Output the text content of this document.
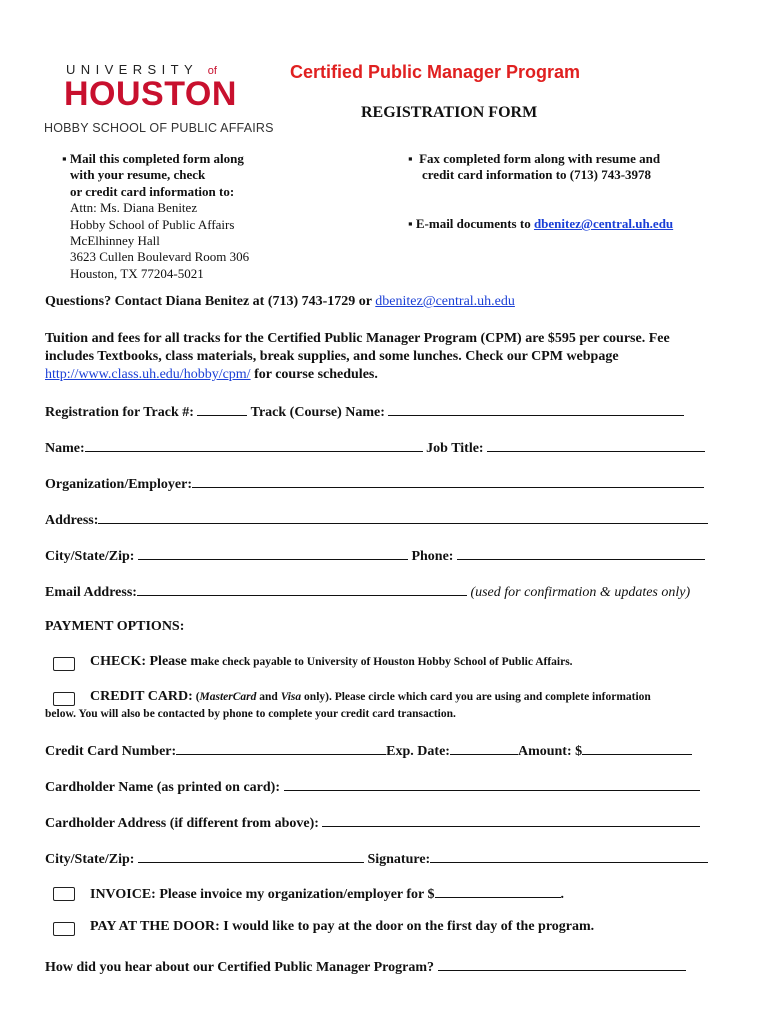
UNIVERSITY of
HOUSTON
HOBBY SCHOOL OF PUBLIC AFFAIRS
Certified Public Manager Program
REGISTRATION FORM
▪ Mail this completed form along
with your resume, check
or credit card information to:
Attn: Ms. Diana Benitez
Hobby School of Public Affairs
McElhinney Hall
3623 Cullen Boulevard Room 306
Houston, TX 77204-5021
▪ Fax completed form along with resume and
credit card information to (713) 743-3978
▪ E-mail documents to dbenitez@central.uh.edu
Questions? Contact Diana Benitez at (713) 743-1729 or dbenitez@central.uh.edu
Tuition and fees for all tracks for the Certified Public Manager Program (CPM) are $595 per course. Fee
includes Textbooks, class materials, break supplies, and some lunches. Check our CPM webpage
http://www.class.uh.edu/hobby/cpm/ for course schedules.
Registration for Track #:	Track (Course) Name:
Name:	Job Title:
Organization/Employer:
Address:
City/State/Zip:	Phone:
Email Address:	(used for confirmation & updates only)
PAYMENT OPTIONS:
CHECK: Please make check payable to University of Houston Hobby School of Public Affairs.
CREDIT CARD: (MasterCard and Visa only). Please circle which card you are using and complete information
below. You will also be contacted by phone to complete your credit card transaction.
Credit Card Number:	Exp. Date:	Amount: $
Cardholder Name (as printed on card):
Cardholder Address (if different from above):
City/State/Zip:	Signature:
INVOICE: Please invoice my organization/employer for $	.
PAY AT THE DOOR: I would like to pay at the door on the first day of the program.
How did you hear about our Certified Public Manager Program?
